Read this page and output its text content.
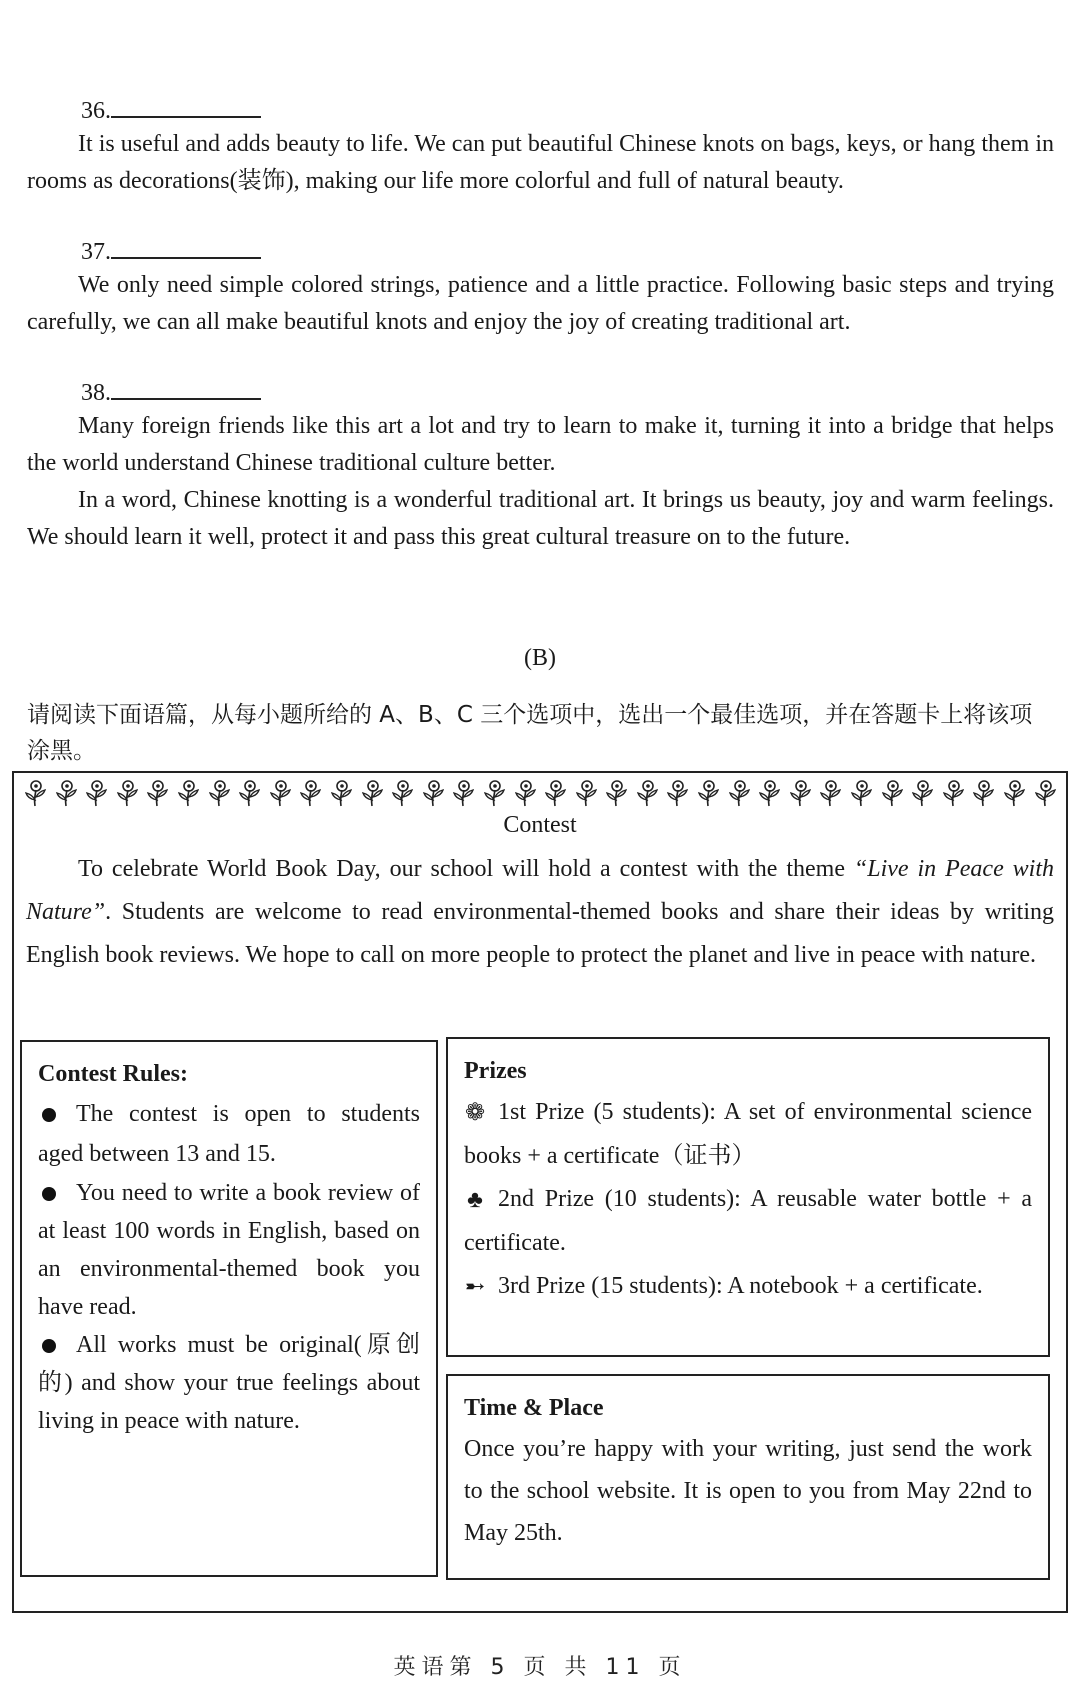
36.
It is useful and adds beauty to life. We can put beautiful Chinese knots on bags, keys, or hang them in rooms as decorations(装饰), making our life more colorful and full of natural beauty.
37.
We only need simple colored strings, patience and a little practice. Following basic steps and trying carefully, we can all make beautiful knots and enjoy the joy of creating traditional art.
38.
Many foreign friends like this art a lot and try to learn to make it, turning it into a bridge that helps the world understand Chinese traditional culture better.
In a word, Chinese knotting is a wonderful traditional art. It brings us beauty, joy and warm feelings. We should learn it well, protect it and pass this great cultural treasure on to the future.
(B)
请阅读下面语篇，从每小题所给的 A、B、C 三个选项中，选出一个最佳选项，并在答题卡上将该项涂黑。
Contest
To celebrate World Book Day, our school will hold a contest with the theme “Live in Peace with Nature”. Students are welcome to read environmental-themed books and share their ideas by writing English book reviews. We hope to call on more people to protect the planet and live in peace with nature.
Contest Rules:
The contest is open to students aged between 13 and 15.
You need to write a book review of at least 100 words in English, based on an environmental-themed book you have read.
All works must be original(原创的) and show your true feelings about living in peace with nature.
Prizes
❁ 1st Prize (5 students): A set of environmental science books + a certificate（证书）
♣ 2nd Prize (10 students): A reusable water bottle + a certificate.
➸ 3rd Prize (15 students): A notebook + a certificate.
Time & Place
Once you’re happy with your writing, just send the work to the school website. It is open to you from May 22nd to May 25th.
英语第 5 页 共 11 页
